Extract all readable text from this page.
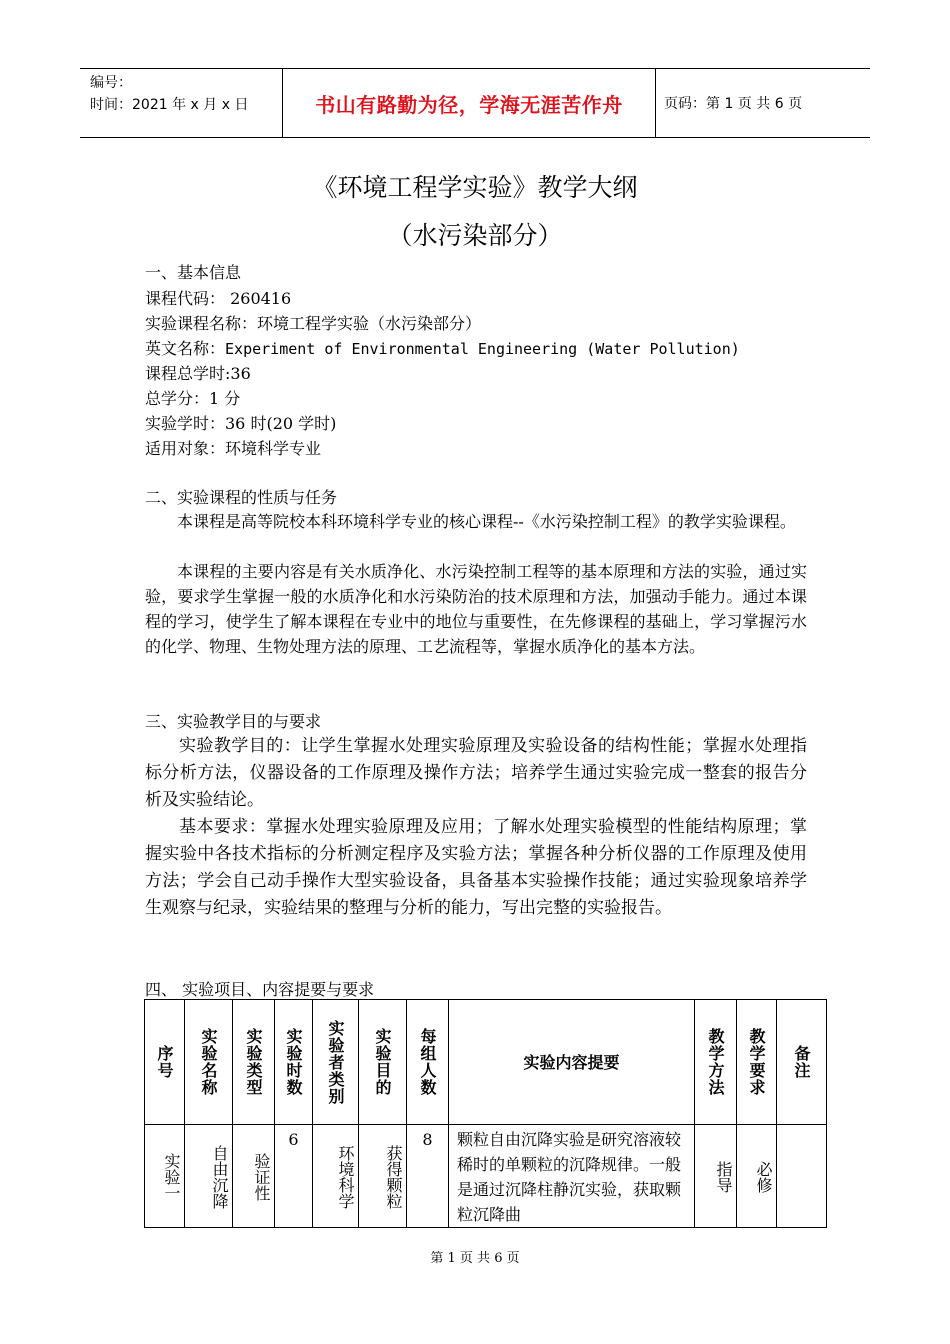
编号：
时间：2021 年 x 月 x 日	书山有路勤为径，学海无涯苦作舟	页码：第 1 页 共 6 页
《环境工程学实验》教学大纲
（水污染部分）
一、基本信息
课程代码： 260416
实验课程名称：环境工程学实验（水污染部分）
英文名称：Experiment of Environmental Engineering (Water Pollution)
课程总学时:36
总学分：1 分
实验学时：36 时(20 学时)
适用对象：环境科学专业
二、实验课程的性质与任务
本课程是高等院校本科环境科学专业的核心课程--《水污染控制工程》的教学实验课程。
本课程的主要内容是有关水质净化、水污染控制工程等的基本原理和方法的实验，通过实验，要求学生掌握一般的水质净化和水污染防治的技术原理和方法，加强动手能力。通过本课程的学习，使学生了解本课程在专业中的地位与重要性，在先修课程的基础上，学习掌握污水的化学、物理、生物处理方法的原理、工艺流程等，掌握水质净化的基本方法。
三、实验教学目的与要求
实验教学目的：让学生掌握水处理实验原理及实验设备的结构性能；掌握水处理指标分析方法，仪器设备的工作原理及操作方法；培养学生通过实验完成一整套的报告分析及实验结论。
基本要求：掌握水处理实验原理及应用；了解水处理实验模型的性能结构原理；掌握实验中各技术指标的分析测定程序及实验方法；掌握各种分析仪器的工作原理及使用方法；学会自己动手操作大型实验设备，具备基本实验操作技能；通过实验现象培养学生观察与纪录，实验结果的整理与分析的能力，写出完整的实验报告。
四、 实验项目、内容提要与要求
序号	实验名称	实验类型	实验时数	实验者类别	实验目的	每组人数	实验内容提要	教学方法	教学要求	备注
实验一	自由沉降	验证性	6	环境科学	获得颗粒	8	颗粒自由沉降实验是研究溶液较稀时的单颗粒的沉降规律。一般是通过沉降柱静沉实验，获取颗粒沉降曲	指导	必修	
第 1 页 共 6 页
